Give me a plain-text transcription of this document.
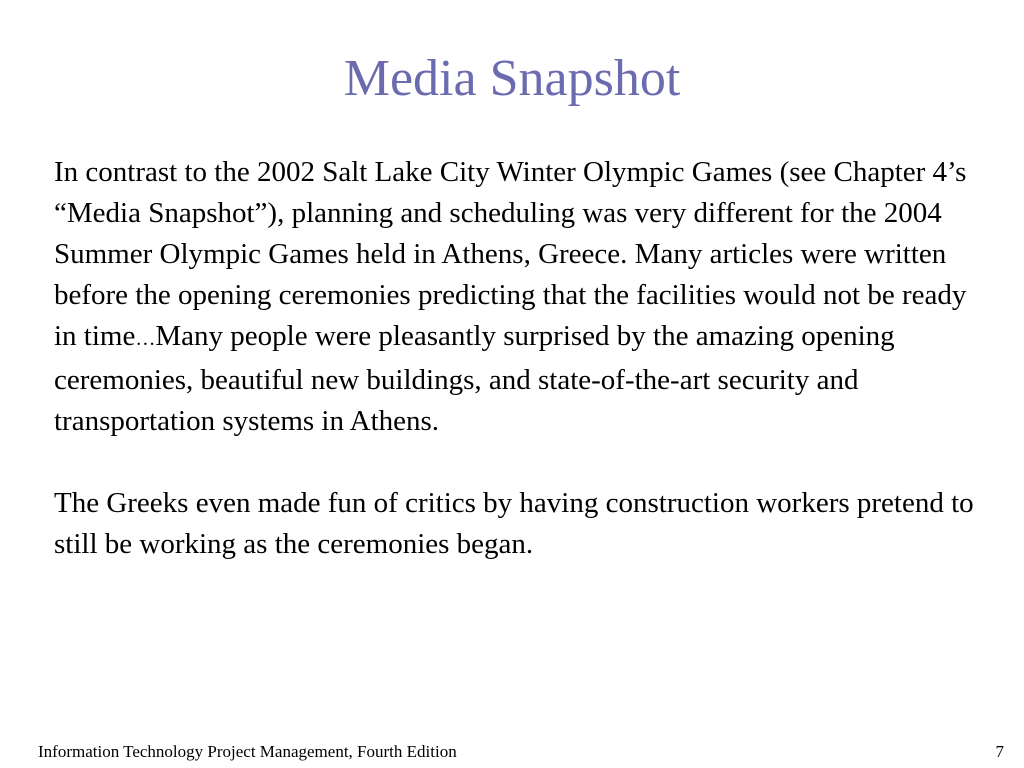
Media Snapshot

In contrast to the 2002 Salt Lake City Winter Olympic Games (see Chapter 4’s “Media Snapshot”), planning and scheduling was very different for the 2004 Summer Olympic Games held in Athens, Greece. Many articles were written before the opening ceremonies predicting that the facilities would not be ready in time…Many people were pleasantly surprised by the amazing opening ceremonies, beautiful new buildings, and state-of-the-art security and transportation systems in Athens.

The Greeks even made fun of critics by having construction workers pretend to still be working as the ceremonies began.

Information Technology Project Management, Fourth Edition	7
